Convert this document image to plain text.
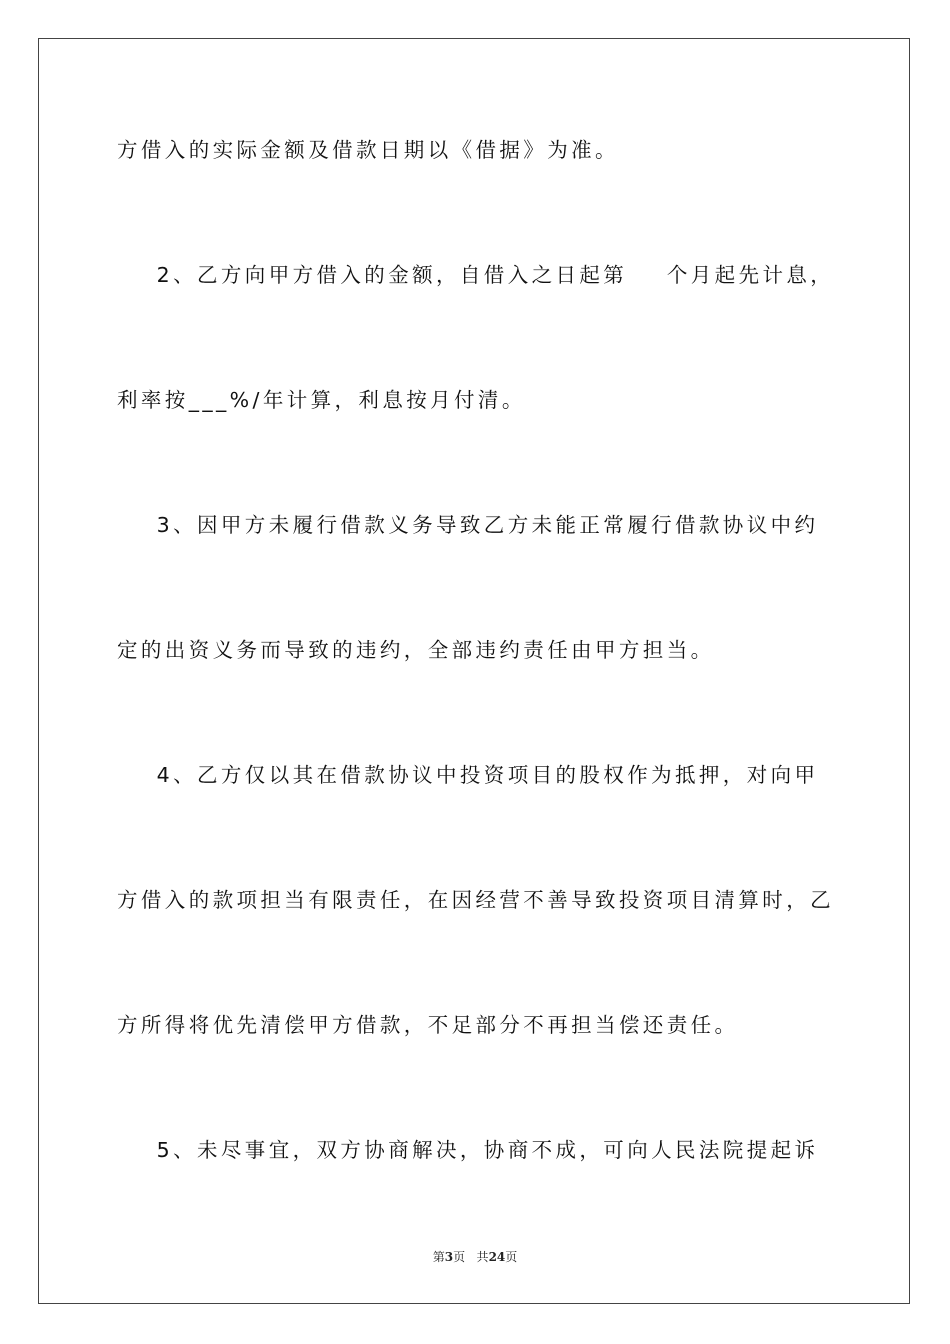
方借入的实际金额及借款日期以《借据》为准。
2、乙方向甲方借入的金额，自借入之日起第    个月起先计息，
利率按___%/年计算，利息按月付清。
3、因甲方未履行借款义务导致乙方未能正常履行借款协议中约
定的出资义务而导致的违约，全部违约责任由甲方担当。
4、乙方仅以其在借款协议中投资项目的股权作为抵押，对向甲
方借入的款项担当有限责任，在因经营不善导致投资项目清算时，乙
方所得将优先清偿甲方借款，不足部分不再担当偿还责任。
5、未尽事宜，双方协商解决，协商不成，可向人民法院提起诉
第3页 共24页
